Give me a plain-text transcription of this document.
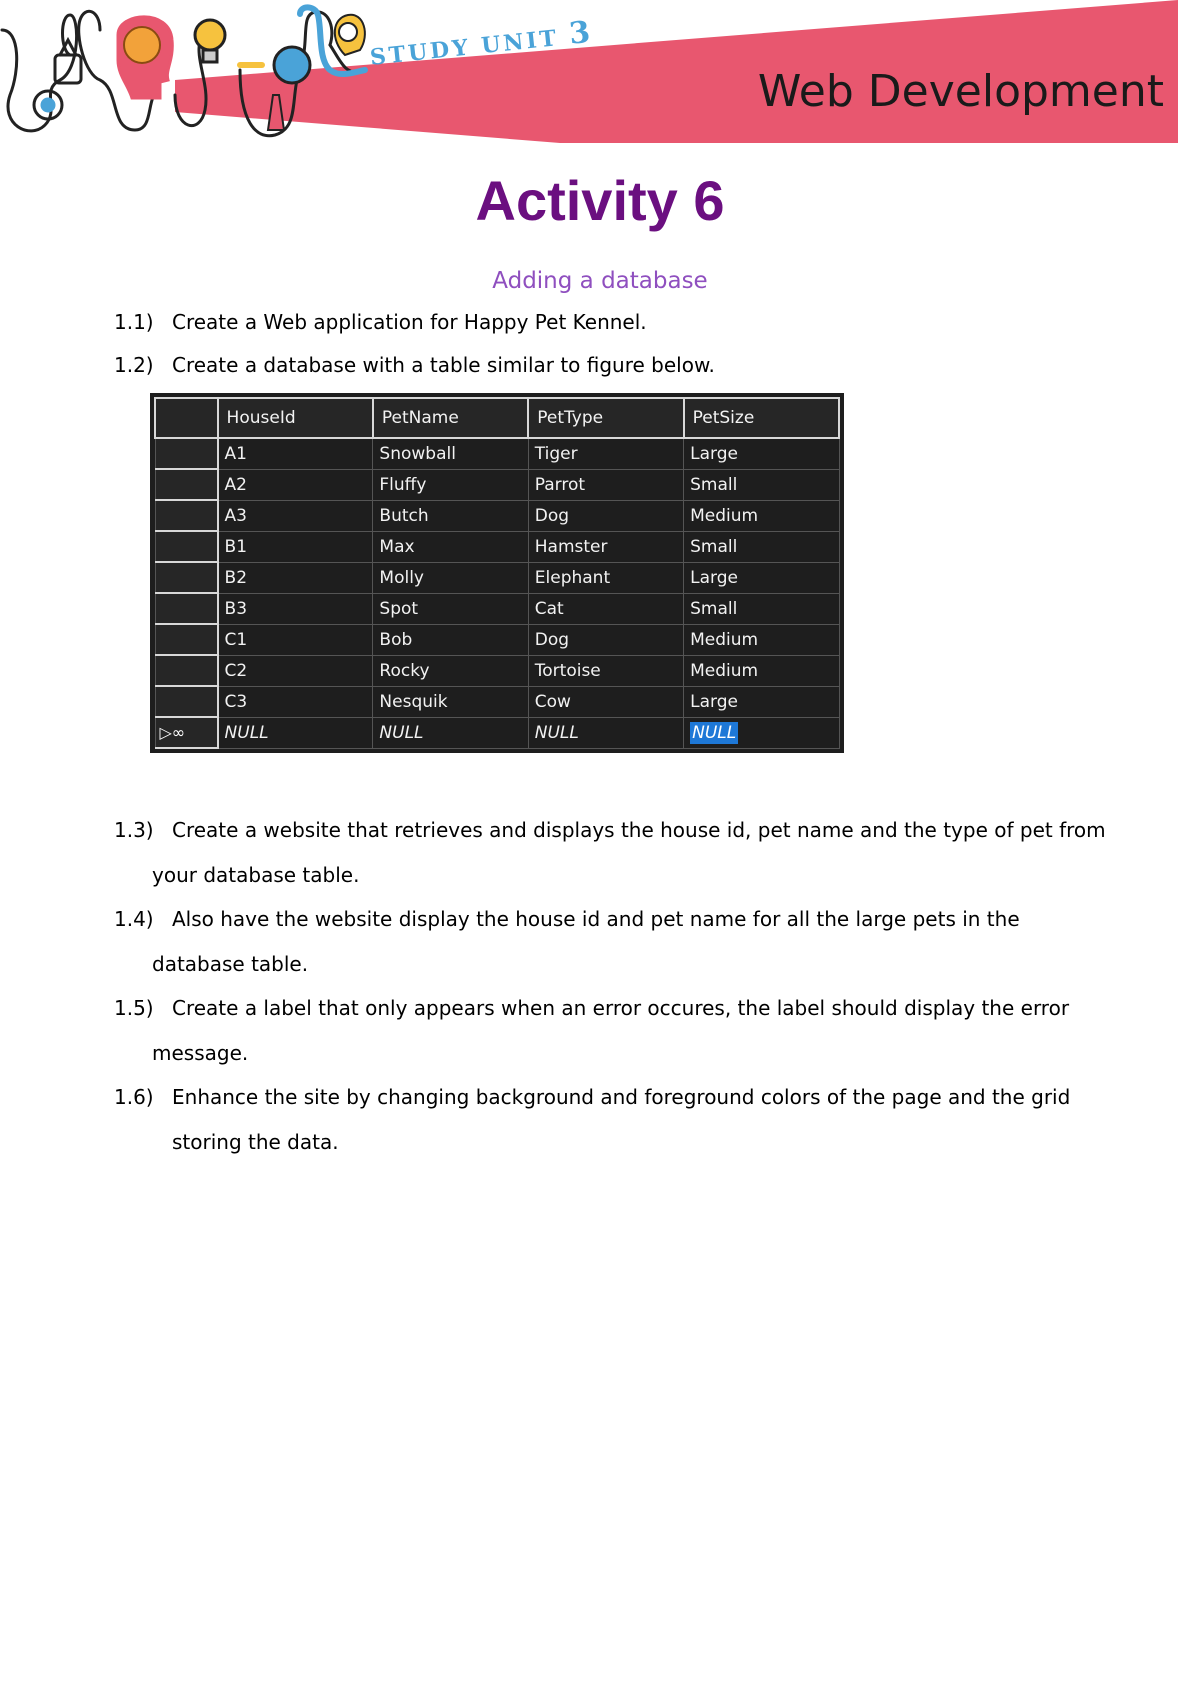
STUDY UNIT 3
Web Development
Activity 6
Adding a database
1.1) Create a Web application for Happy Pet Kennel.
1.2) Create a database with a table similar to figure below.
	HouseId	PetName	PetType	PetSize
	A1	Snowball	Tiger	Large
	A2	Fluffy	Parrot	Small
	A3	Butch	Dog	Medium
	B1	Max	Hamster	Small
	B2	Molly	Elephant	Large
	B3	Spot	Cat	Small
	C1	Bob	Dog	Medium
	C2	Rocky	Tortoise	Medium
	C3	Nesquik	Cow	Large
▷∞	NULL	NULL	NULL	NULL
1.3) Create a website that retrieves and displays the house id, pet name and the type of pet from
your database table.
1.4) Also have the website display the house id and pet name for all the large pets in the
database table.
1.5) Create a label that only appears when an error occures, the label should display the error
message.
1.6) Enhance the site by changing background and foreground colors of the page and the grid
storing the data.
